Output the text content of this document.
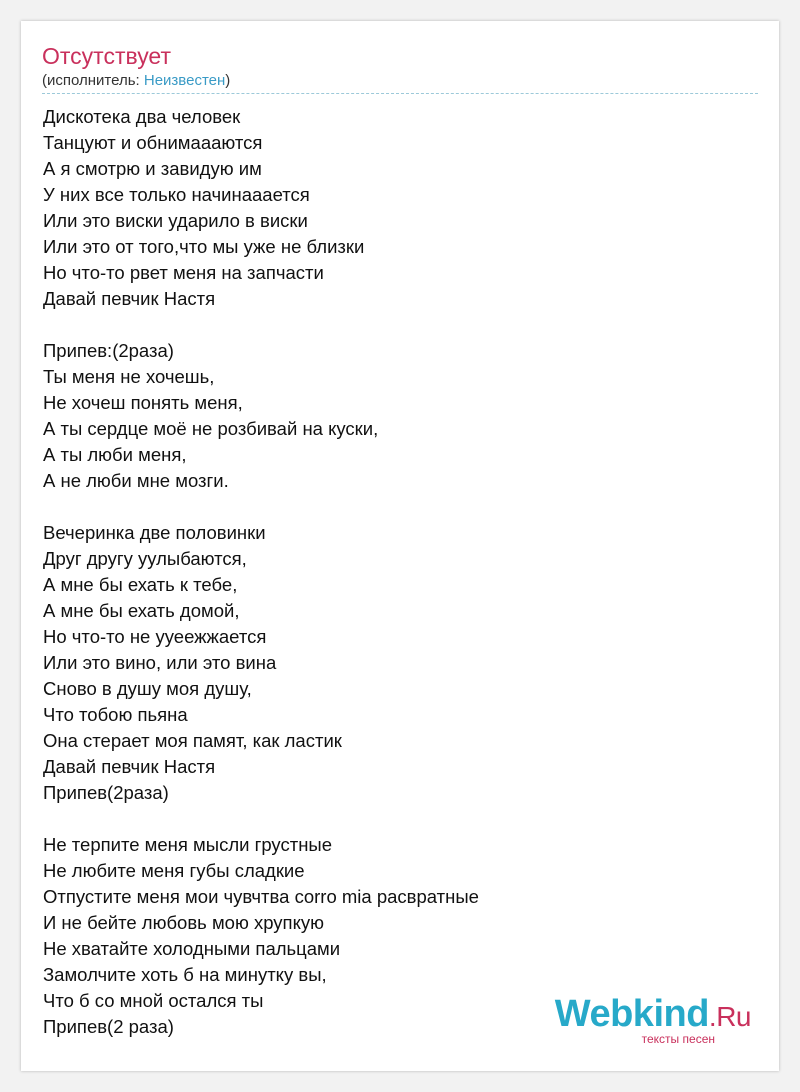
Отсутствует
(исполнитель: Неизвестен)
Дискотека два человек
Танцуют и обнимаааются
А я смотрю и завидую им
У них все только начинааается
Или это виски ударило в виски
Или это от того,что мы уже не близки
Но что-то рвет меня на запчасти
Давай певчик Настя
Припев:(2раза)
Ты меня не хочешь,
Не хочеш понять меня,
А ты сердце моё не розбивай на куски,
А ты люби меня,
А не люби мне мозги.
Вечеринка две половинки
Друг другу уулыбаются,
А мне бы ехать к тебе,
А мне бы ехать домой,
Но что-то не ууеежжается
Или это вино, или это вина
Сново в душу моя душу,
Что тобою пьяна
Она стерает моя памят, как ластик
Давай певчик Настя
Припев(2раза)
Не терпите меня мысли грустные
Не любите меня губы сладкие
Отпустите меня мои чувчтва corro mia расвратные
И не бейте любовь мою хрупкую
Не хватайте холодными пальцами
Замолчите хоть б на минутку вы,
Что б со мной остался ты
Припев(2 раза)	Webkind.Ru
тексты песен
